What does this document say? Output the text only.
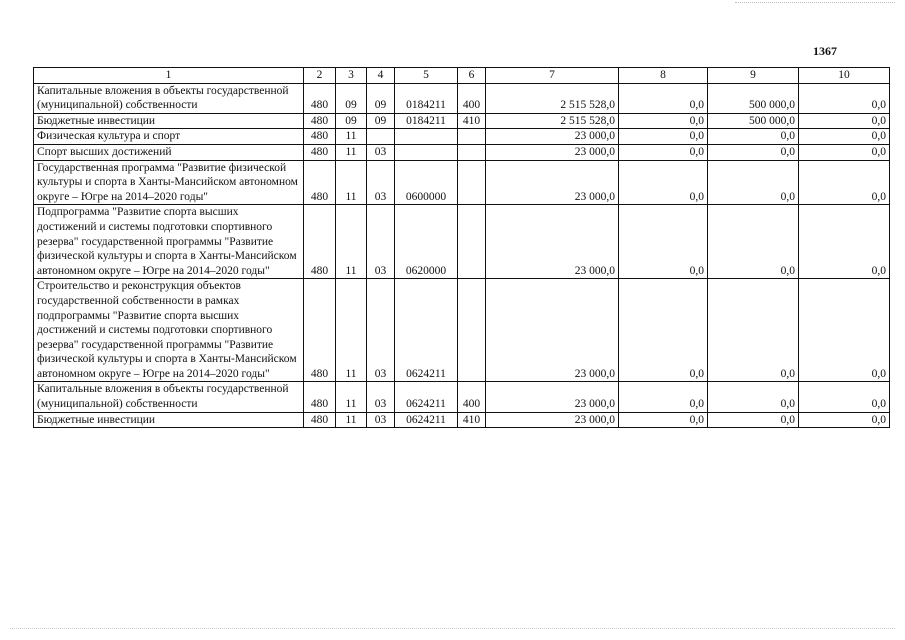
1367
1	2	3	4	5	6	7	8	9	10
Капитальные вложения в объекты государственной (муниципальной) собственности	480	09	09	0184211	400	2 515 528,0	0,0	500 000,0	0,0
Бюджетные инвестиции	480	09	09	0184211	410	2 515 528,0	0,0	500 000,0	0,0
Физическая культура и спорт	480	11				23 000,0	0,0	0,0	0,0
Спорт высших достижений	480	11	03			23 000,0	0,0	0,0	0,0
Государственная программа "Развитие физической культуры и спорта в Ханты-Мансийском автономном округе – Югре на 2014–2020 годы"	480	11	03	0600000		23 000,0	0,0	0,0	0,0
Подпрограмма "Развитие спорта высших достижений и системы подготовки спортивного резерва" государственной программы "Развитие физической культуры и спорта в Ханты-Мансийском автономном округе – Югре на 2014–2020 годы"	480	11	03	0620000		23 000,0	0,0	0,0	0,0
Строительство и реконструкция объектов государственной собственности в рамках подпрограммы "Развитие спорта высших достижений и системы подготовки спортивного резерва" государственной программы "Развитие физической культуры и спорта в Ханты-Мансийском автономном округе – Югре на 2014–2020 годы"	480	11	03	0624211		23 000,0	0,0	0,0	0,0
Капитальные вложения в объекты государственной (муниципальной) собственности	480	11	03	0624211	400	23 000,0	0,0	0,0	0,0
Бюджетные инвестиции	480	11	03	0624211	410	23 000,0	0,0	0,0	0,0
